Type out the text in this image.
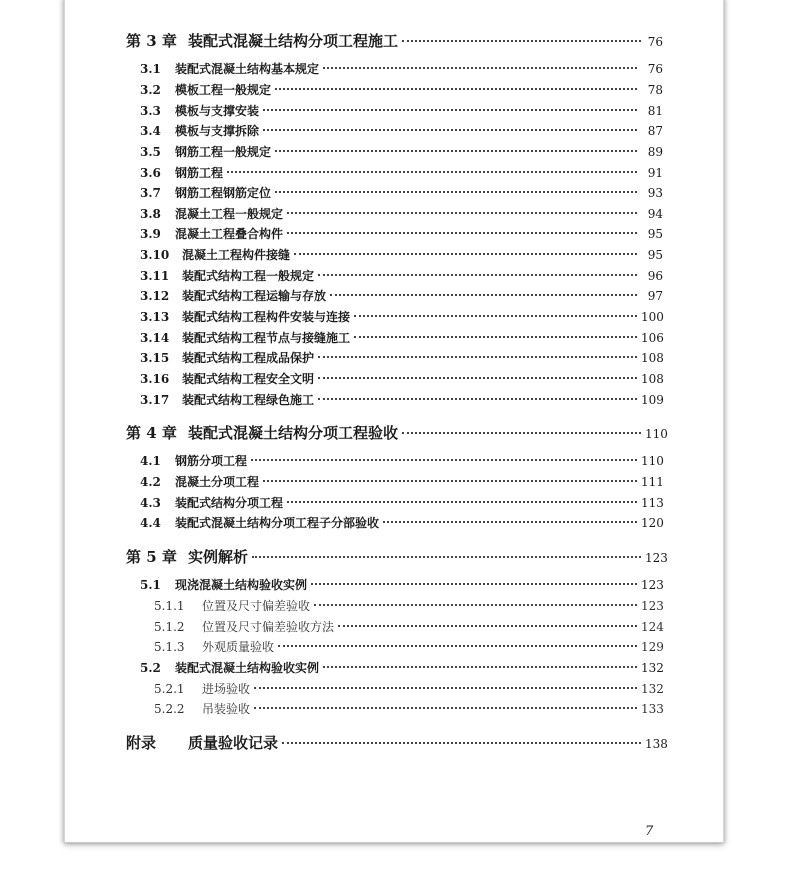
第 3 章 装配式混凝土结构分项工程施工	76
3.1	装配式混凝土结构基本规定	76
3.2	模板工程一般规定	78
3.3	模板与支撑安装	81
3.4	模板与支撑拆除	87
3.5	钢筋工程一般规定	89
3.6	钢筋工程	91
3.7	钢筋工程钢筋定位	93
3.8	混凝土工程一般规定	94
3.9	混凝土工程叠合构件	95
3.10	混凝土工程构件接缝	95
3.11	装配式结构工程一般规定	96
3.12	装配式结构工程运输与存放	97
3.13	装配式结构工程构件安装与连接	100
3.14	装配式结构工程节点与接缝施工	106
3.15	装配式结构工程成品保护	108
3.16	装配式结构工程安全文明	108
3.17	装配式结构工程绿色施工	109
第 4 章 装配式混凝土结构分项工程验收	110
4.1	钢筋分项工程	110
4.2	混凝土分项工程	111
4.3	装配式结构分项工程	113
4.4	装配式混凝土结构分项工程子分部验收	120
第 5 章 实例解析	123
5.1	现浇混凝土结构验收实例	123
5.1.1	位置及尺寸偏差验收	123
5.1.2	位置及尺寸偏差验收方法	124
5.1.3	外观质量验收	129
5.2	装配式混凝土结构验收实例	132
5.2.1	进场验收	132
5.2.2	吊装验收	133
附录	质量验收记录	138
7
